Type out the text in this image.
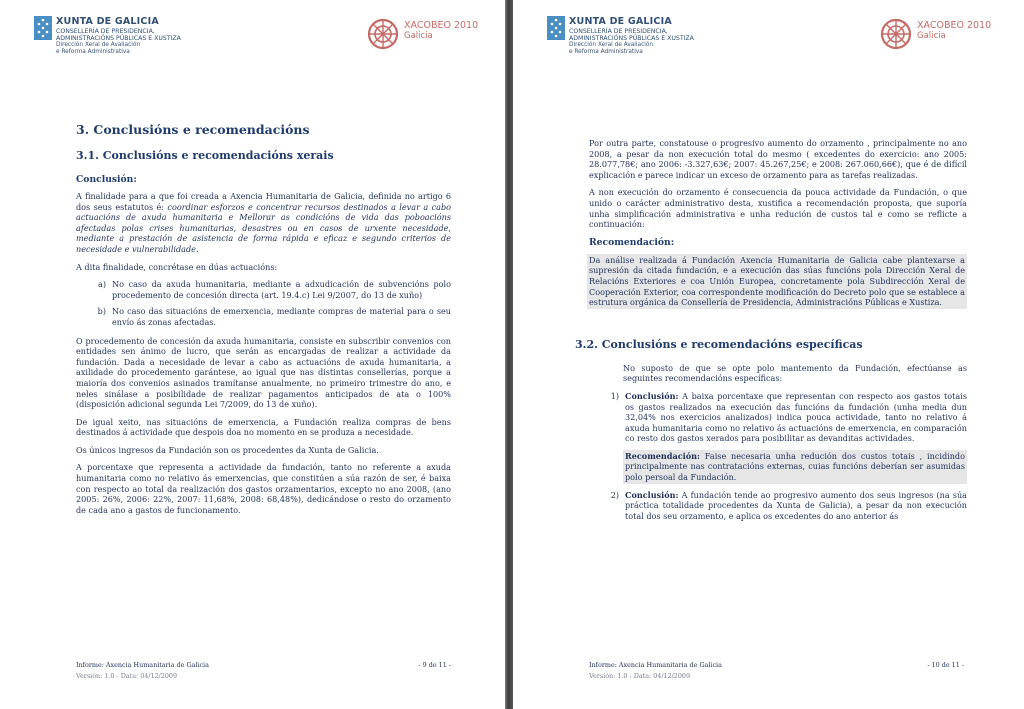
XUNTA DE GALICIA
CONSELLERÍA DE PRESIDENCIA,
ADMINISTRACIÓNS PÚBLICAS E XUSTIZA
Dirección Xeral de Avaliación
e Reforma Administrativa
XACOBEO 2010
Galicia
3. Conclusións e recomendacións
3.1. Conclusións e recomendacións xerais
Conclusión:

A finalidade para a que foi creada a Axencia Humanitaria de Galicia, definida no artigo 6 dos seus estatutos é: coordinar esforzos e concentrar recursos destinados a levar a cabo actuacións de axuda humanitaria e Mellorar as condicións de vida das poboacións afectadas polas crises humanitarias, desastres ou en casos de urxente necesidade, mediante a prestación de asistencia de forma rápida e eficaz e segundo criterios de necesidade e vulnerabilidade.

A dita finalidade, concrétase en dúas actuacións:

a) No caso da axuda humanitaria, mediante a adxudicación de subvencións polo procedemento de concesión directa (art. 19.4.c) Lei 9/2007, do 13 de xuño)
b) No caso das situacións de emerxencia, mediante compras de material para o seu envío ás zonas afectadas.

O procedemento de concesión da axuda humanitaria, consiste en subscribir convenios con entidades sen ánimo de lucro, que serán as encargadas de realizar a actividade da fundación. Dada a necesidade de levar a cabo as actuacións de axuda humanitaria, a axilidade do procedemento garántese, ao igual que nas distintas consellerías, porque a maioría dos convenios asinados tramítanse anualmente, no primeiro trimestre do ano, e neles sinálase a posibilidade de realizar pagamentos anticipados de ata o 100% (disposición adicional segunda Lei 7/2009, do 13 de xuño).

De igual xeito, nas situacións de emerxencia, a Fundación realiza compras de bens destinados á actividade que despois doa no momento en se produza a necesidade.

Os únicos ingresos da Fundación son os procedentes da Xunta de Galicia.

A porcentaxe que representa a actividade da fundación, tanto no referente a axuda humanitaria como no relativo ás emerxencias, que constitúen a súa razón de ser, é baixa con respecto ao total da realización dos gastos orzamentarios, excepto no ano 2008, (ano 2005: 26%, 2006: 22%, 2007: 11,68%, 2008: 68,48%), dedicándose o resto do orzamento de cada ano a gastos de funcionamento.

Informe: Axencia Humanitaria de Galicia	- 9 de 11 -
Versión: 1.0 - Data: 04/12/2009
XUNTA DE GALICIA
CONSELLERÍA DE PRESIDENCIA,
ADMINISTRACIÓNS PÚBLICAS E XUSTIZA
Dirección Xeral de Avaliación
e Reforma Administrativa
XACOBEO 2010
Galicia

Por outra parte, constatouse o progresivo aumento do orzamento , principalmente no ano 2008, a pesar da non execución total do mesmo ( excedentes do exercicio: ano 2005: 28.077,78€; ano 2006: -3.327,63€; 2007: 45.267,25€; e 2008: 267.060,66€), que é de difícil explicación e parece indicar un exceso de orzamento para as tarefas realizadas.

A non execución do orzamento é consecuencia da pouca actividade da Fundación, o que unido o carácter administrativo desta, xustifica a recomendación proposta, que suporía unha simplificación administrativa e unha redución de custos tal e como se reflicte a continuación:

Recomendación:

Da análise realizada á Fundación Axencia Humanitaria de Galicia cabe plantexarse a supresión da citada fundación, e a execución das súas funcións pola Dirección Xeral de Relacións Exteriores e coa Unión Europea, concretamente pola Subdirección Xeral de Cooperación Exterior, coa correspondente modificación do Decreto polo que se establece a estrutura orgánica da Consellería de Presidencia, Administracións Públicas e Xustiza.

3.2. Conclusións e recomendacións específicas

No suposto de que se opte polo mantemento da Fundación, efectúanse as seguintes recomendacións específicas:

1) Conclusión: A baixa porcentaxe que representan con respecto aos gastos totais os gastos realizados na execución das funcións da fundación (unha media dun 32,04% nos exercicios analizados) indica pouca actividade, tanto no relativo á axuda humanitaria como no relativo ás actuacións de emerxencia, en comparación co resto dos gastos xerados para posibilitar as devanditas actividades.
Recomendación: Faise necesaria unha redución dos custos totais , incidindo principalmente nas contratacións externas, cuias funcións deberían ser asumidas polo persoal da Fundación.
2) Conclusión: A fundación tende ao progresivo aumento dos seus ingresos (na súa práctica totalidade procedentes da Xunta de Galicia), a pesar da non execución total dos seu orzamento, e aplica os excedentes do ano anterior ás
Informe: Axencia Humanitaria de Galicia	- 10 de 11 -
Versión: 1.0 - Data: 04/12/2009
